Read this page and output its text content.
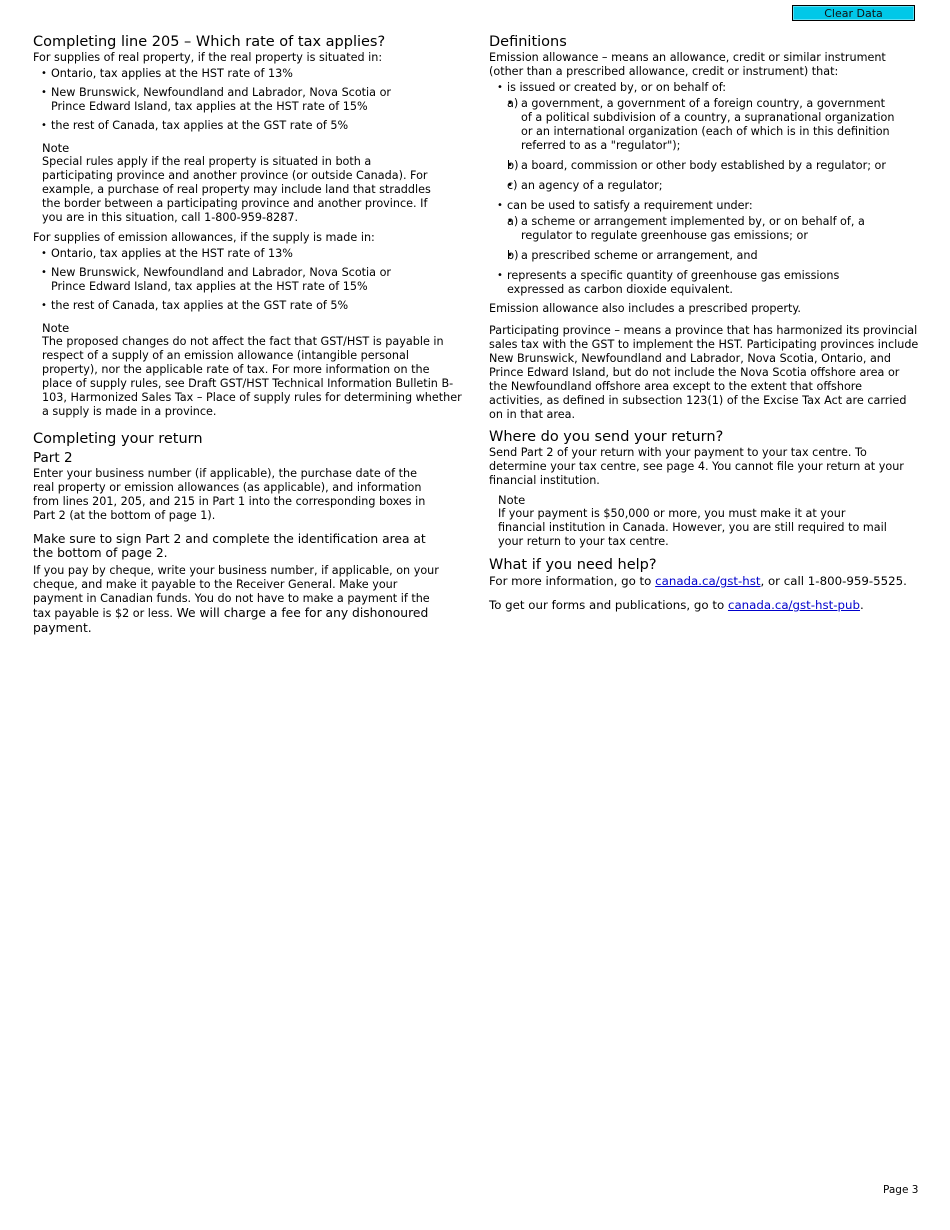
Clear Data
Completing line 205 – Which rate of tax applies?

For supplies of real property, if the real property is situated in:

• Ontario, tax applies at the HST rate of 13%
• New Brunswick, Newfoundland and Labrador, Nova Scotia or Prince Edward Island, tax applies at the HST rate of 15%
• the rest of Canada, tax applies at the GST rate of 5%
Note

Special rules apply if the real property is situated in both a participating province and another province (or outside Canada). For example, a purchase of real property may include land that straddles the border between a participating province and another province. If you are in this situation, call 1-800-959-8287.

For supplies of emission allowances, if the supply is made in:

• Ontario, tax applies at the HST rate of 13%
• New Brunswick, Newfoundland and Labrador, Nova Scotia or Prince Edward Island, tax applies at the HST rate of 15%
• the rest of Canada, tax applies at the GST rate of 5%
Note

The proposed changes do not affect the fact that GST/HST is payable in respect of a supply of an emission allowance (intangible personal property), nor the applicable rate of tax. For more information on the place of supply rules, see Draft GST/HST Technical Information Bulletin B-103, Harmonized Sales Tax – Place of supply rules for determining whether a supply is made in a province.

Completing your return
Part 2

Enter your business number (if applicable), the purchase date of the real property or emission allowances (as applicable), and information from lines 201, 205, and 215 in Part 1 into the corresponding boxes in Part 2 (at the bottom of page 1).

Make sure to sign Part 2 and complete the identification area at the bottom of page 2.

If you pay by cheque, write your business number, if applicable, on your cheque, and make it payable to the Receiver General. Make your payment in Canadian funds. You do not have to make a payment if the tax payable is $2 or less. We will charge a fee for any dishonoured payment.

Definitions

Emission allowance – means an allowance, credit or similar instrument (other than a prescribed allowance, credit or instrument) that:

• is issued or created by, or on behalf of:
• a) a government, a government of a foreign country, a government of a political subdivision of a country, a supranational organization or an international organization (each of which is in this definition referred to as a "regulator");
• b) a board, commission or other body established by a regulator; or
• c) an agency of a regulator;
• can be used to satisfy a requirement under:
• a) a scheme or arrangement implemented by, or on behalf of, a regulator to regulate greenhouse gas emissions; or
• b) a prescribed scheme or arrangement, and
• represents a specific quantity of greenhouse gas emissions expressed as carbon dioxide equivalent.

Emission allowance also includes a prescribed property.

Participating province – means a province that has harmonized its provincial sales tax with the GST to implement the HST. Participating provinces include New Brunswick, Newfoundland and Labrador, Nova Scotia, Ontario, and Prince Edward Island, but do not include the Nova Scotia offshore area or the Newfoundland offshore area except to the extent that offshore activities, as defined in subsection 123(1) of the Excise Tax Act are carried on in that area.

Where do you send your return?

Send Part 2 of your return with your payment to your tax centre. To determine your tax centre, see page 4. You cannot file your return at your financial institution.

Note

If your payment is $50,000 or more, you must make it at your financial institution in Canada. However, you are still required to mail your return to your tax centre.

What if you need help?

For more information, go to canada.ca/gst-hst, or call 1-800-959-5525.

To get our forms and publications, go to canada.ca/gst-hst-pub.

Page 3
